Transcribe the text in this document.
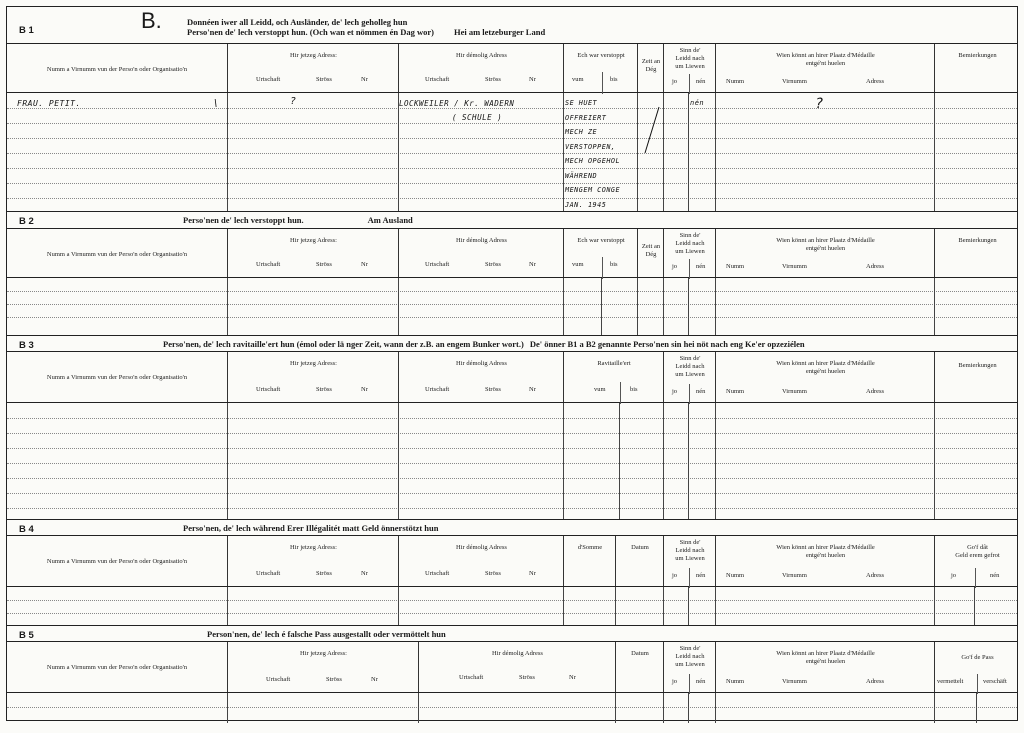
B 1	B.	Donnéen iwer all Leidd, och Ausländer, de' lech geholleg hun
Perso'nen de' lech verstoppt hun. (Och wan et nömmen én Dag wor) Hei am letzeburger Land
Numm a Virnumm vun der Perso'n oder Organisatio'n
Hir jetzeg Adress:
Urtschaft	Ströss	Nr
Hir démolig Adress
Urtschaft	Ströss	Nr
Ech war verstoppt
vum	bis
Zeit an Dég
Sinn de'
Leidd nach
um Liewen
jo	nén
Wien könnt an hirer Plaatz d'Médaille
entgé'nt huelen
Numm	Virnumm	Adress
Bemierkungen
FRAU. PETIT.	\	?	LOCKWEILER / Kr. WADERN
( SCHULE )
SE HUET
OFFREIERT
MECH ZE
VERSTOPPEN,
MECH OPGEHOL
WÄHREND
MENGEM CONGE
JAN. 1945
nén	?
B 2	Perso'nen de' lech verstoppt hun.	Am Ausland
Numm a Virnumm vun der Perso'n oder Organisatio'n
Hir jetzeg Adress:
Urtschaft	Ströss	Nr
Hir démolig Adress
Urtschaft	Ströss	Nr
Ech war verstoppt
vum	bis
Zeit an Dég
Sinn de'
Leidd nach
um Liewen
jo	nén
Wien könnt an hirer Plaatz d'Médaille
entgé'nt huelen
Numm	Virnumm	Adress
Bemierkungen
B 3	Perso'nen, de' lech ravitaille'ert hun (émol oder lä nger Zeit, wann der z.B. an engem Bunker wort.) De' önner B1 a B2 genannte Perso'nen sin hei nöt nach eng Ke'er opzeziélen
Numm a Virnumm vun der Perso'n oder Organisatio'n
Hir jetzeg Adress:
Urtschaft	Ströss	Nr
Hir démolig Adress
Urtschaft	Ströss	Nr
Ravitaille'ert
vum	bis
Sinn de'
Leidd nach
um Liewen
jo	nén
Wien könnt an hirer Plaatz d'Médaille
entgé'nt huelen
Numm	Virnumm	Adress
Bemierkungen
B 4	Perso'nen, de' lech während Erer Illégalitét matt Geld önnerstötzt hun
Numm a Virnumm vun der Perso'n oder Organisatio'n
Hir jetzeg Adress:
Urtschaft	Ströss	Nr
Hir démolig Adress
Urtschaft	Ströss	Nr
d'Somme	Datum
Sinn de'
Leidd nach
um Liewen
jo	nén
Wien könnt an hirer Plaatz d'Médaille
entgé'nt huelen
Numm	Virnumm	Adress
Go'f dât
Geld erem gefrot
jo	nén
B 5	Person'nen, de' lech é falsche Pass ausgestallt oder vermöttelt hun
Numm a Virnumm vun der Perso'n oder Organisatio'n
Hir jetzeg Adress:
Urtschaft	Ströss	Nr
Hir démolig Adress
Urtschaft	Ströss	Nr
Datum
Sinn de'
Leidd nach
um Liewen
jo	nén
Wien könnt an hirer Plaatz d'Médaille
entgé'nt huelen
Numm	Virnumm	Adress
Go'f de Pass
vermettelt	verschäft
